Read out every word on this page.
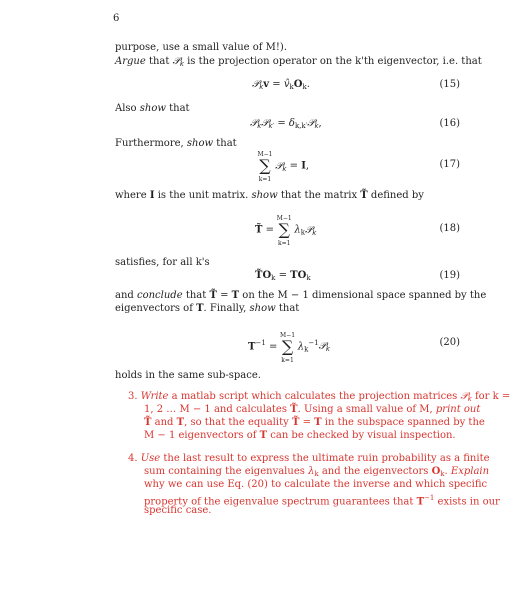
6
purpose, use a small value of M!).
Argue that 𝒫$_k$ is the projection operator on the k'th eigenvector, i.e. that
𝒫$_k$v = $v̂_kO_k$.	(15)
Also show that
𝒫$_k$𝒫$_{k'}$ = $\delta_{k,k'}𝒫_k$,	(16)
Furthermore, show that
M−1
∑
k=1
𝒫$_k$ = I,	(17)
where I is the unit matrix. show that the matrix T̃ defined by
T̃ =
M−1
∑
k=1
$\lambda_k𝒫_k$	(18)
satisfies, for all k's
$T̃O_k = TO_k$	(19)
and conclude that T̃ = T on the M − 1 dimensional space spanned by the
eigenvectors of T. Finally, show that
$T^{-1}$ =
M−1
∑
k=1
$\lambda_k^{-1}𝒫_k$
(20)
holds in the same sub-space.
3. Write a matlab script which calculates the projection matrices 𝒫$_k$ for k =
1, 2 … M − 1 and calculates T̃. Using a small value of M, print out
T̃ and T, so that the equality T̃ = T in the subspace spanned by the
M − 1 eigenvectors of T can be checked by visual inspection.
4. Use the last result to express the ultimate ruin probability as a finite
sum containing the eigenvalues $\lambda_k$ and the eigenvectors $O_k$. Explain
why we can use Eq. (20) to calculate the inverse and which specific
property of the eigenvalue spectrum guarantees that $T^{-1}$ exists in our
specific case.
